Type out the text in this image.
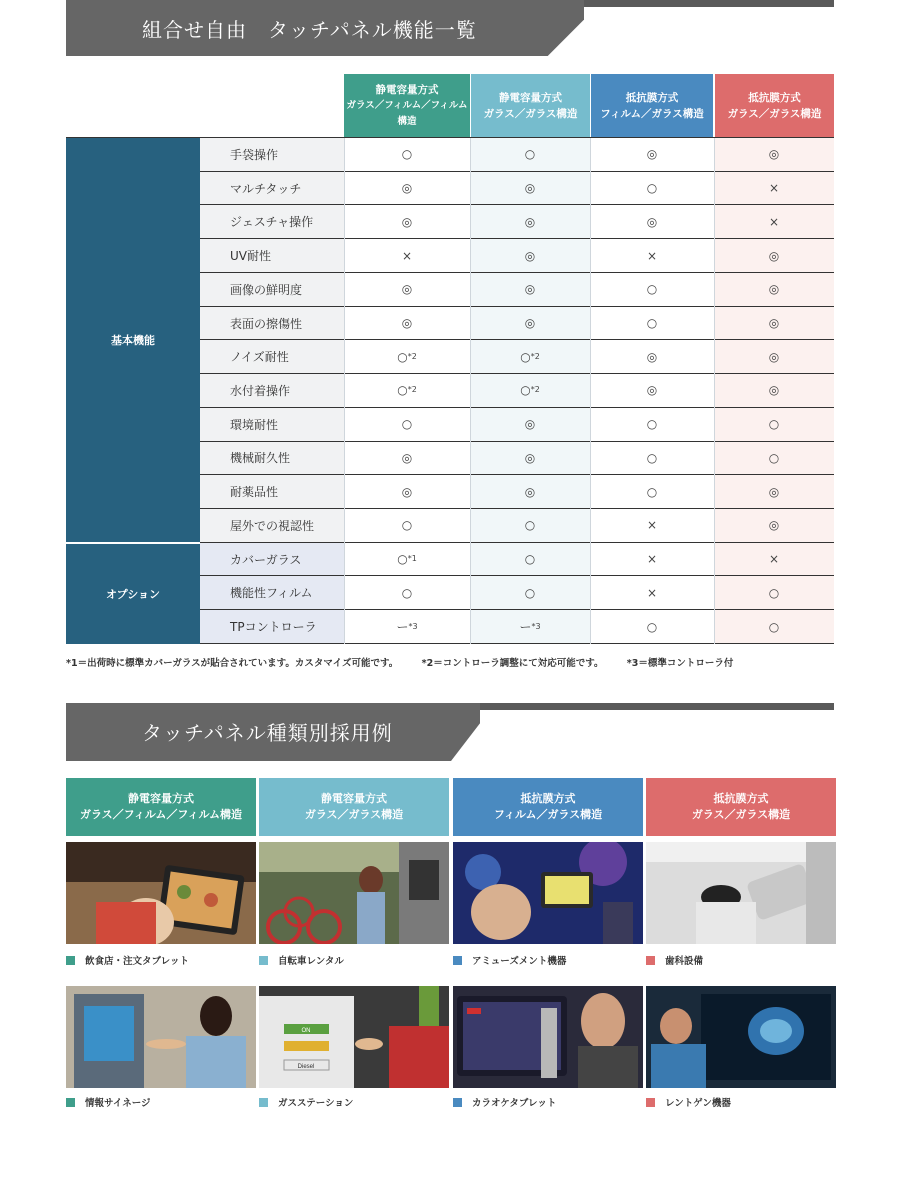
組合せ自由　タッチパネル機能一覧
静電容量方式
ガラス／フィルム／フィルム構造
静電容量方式
ガラス／ガラス構造
抵抗膜方式
フィルム／ガラス構造
抵抗膜方式
ガラス／ガラス構造
基本機能
オプション
手袋操作	○	○	◎	◎
マルチタッチ	◎	◎	○	×
ジェスチャ操作	◎	◎	◎	×
UV耐性	×	◎	×	◎
画像の鮮明度	◎	◎	○	◎
表面の擦傷性	◎	◎	○	◎
ノイズ耐性	○ *2	○ *2	◎	◎
水付着操作	○ *2	○ *2	◎	◎
環境耐性	○	◎	○	○
機械耐久性	◎	◎	○	○
耐薬品性	◎	◎	○	◎
屋外での視認性	○	○	×	◎
カバーガラス	○ *1	○	×	×
機能性フィルム	○	○	×	○
TPコントローラ	ー *3	ー *3	○	○
*1＝出荷時に標準カバーガラスが貼合されています。カスタマイズ可能です。 *2＝コントローラ調整にて対応可能です。 *3＝標準コントローラ付
タッチパネル種類別採用例
静電容量方式
ガラス／フィルム／フィルム構造
静電容量方式
ガラス／ガラス構造
抵抗膜方式
フィルム／ガラス構造
抵抗膜方式
ガラス／ガラス構造
飲食店・注文タブレット	自転車レンタル	アミューズメント機器	歯科設備
ON
Diesel
情報サイネージ	ガスステーション	カラオケタブレット	レントゲン機器
